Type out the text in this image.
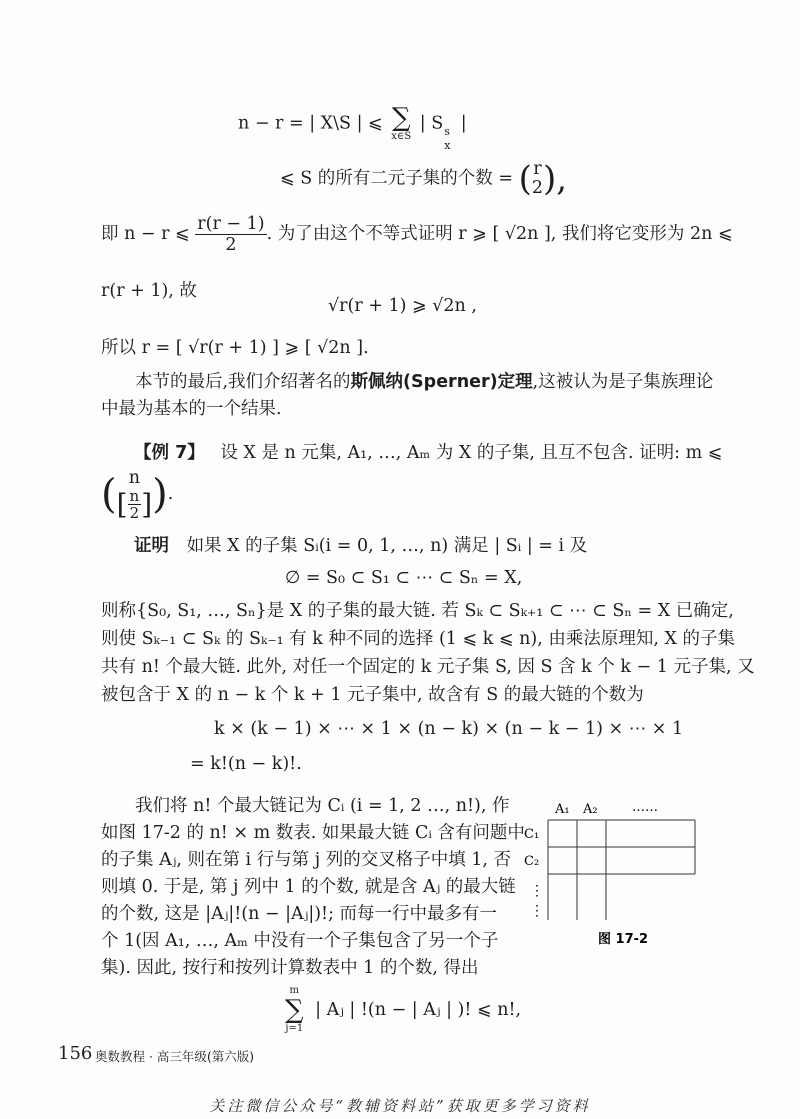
n − r = | X\S | ⩽ ∑
x∈S
| S s
x
|
⩽ S 的所有二元子集的个数 = ( r
2 ),
即 n − r ⩽ $\frac{r(r - 1)}{2}$ . 为了由这个不等式证明 r ⩾ [ √2n ], 我们将它变形为 2n ⩽
r(r + 1), 故
√r(r + 1) ⩾ √2n ,
所以 r = [ √r(r + 1) ] ⩾ [ √2n ].
本节的最后,我们介绍著名的斯佩纳(Sperner)定理,这被认为是子集族理论
中最为基本的一个结果.
【例 7】 设 X 是 n 元集, A₁, …, Aₘ 为 X 的子集, 且互不包含. 证明: m ⩽
( n
[ $\frac{n}{2}$ ]).
证明 如果 X 的子集 Sᵢ(i = 0, 1, …, n) 满足 | Sᵢ | = i 及
∅ = S₀ ⊂ S₁ ⊂ ⋯ ⊂ Sₙ = X,
则称{S₀, S₁, …, Sₙ}是 X 的子集的最大链. 若 Sₖ ⊂ Sₖ₊₁ ⊂ ⋯ ⊂ Sₙ = X 已确定,
则使 Sₖ₋₁ ⊂ Sₖ 的 Sₖ₋₁ 有 k 种不同的选择 (1 ⩽ k ⩽ n), 由乘法原理知, X 的子集
共有 n! 个最大链. 此外, 对任一个固定的 k 元子集 S, 因 S 含 k 个 k − 1 元子集, 又
被包含于 X 的 n − k 个 k + 1 元子集中, 故含有 S 的最大链的个数为
k × (k − 1) × ⋯ × 1 × (n − k) × (n − k − 1) × ⋯ × 1
= k!(n − k)!.
我们将 n! 个最大链记为 Cᵢ (i = 1, 2 …, n!), 作
如图 17-2 的 n! × m 数表. 如果最大链 Cᵢ 含有问题中
的子集 Aⱼ, 则在第 i 行与第 j 列的交叉格子中填 1, 否
则填 0. 于是, 第 j 列中 1 的个数, 就是含 Aⱼ 的最大链
的个数, 这是 |Aⱼ|!(n − |Aⱼ|)!; 而每一行中最多有一
个 1(因 A₁, …, Aₘ 中没有一个子集包含了另一个子
集). 因此, 按行和按列计算数表中 1 的个数, 得出
m
∑
j=1
| Aⱼ | !(n − | Aⱼ | )! ⩽ n!,
A₁ A₂	……
C₁
C₂
⋮
⋮
图 17-2
156 奥数教程 · 高三年级(第六版)
关注微信公众号“教辅资料站”获取更多学习资料
